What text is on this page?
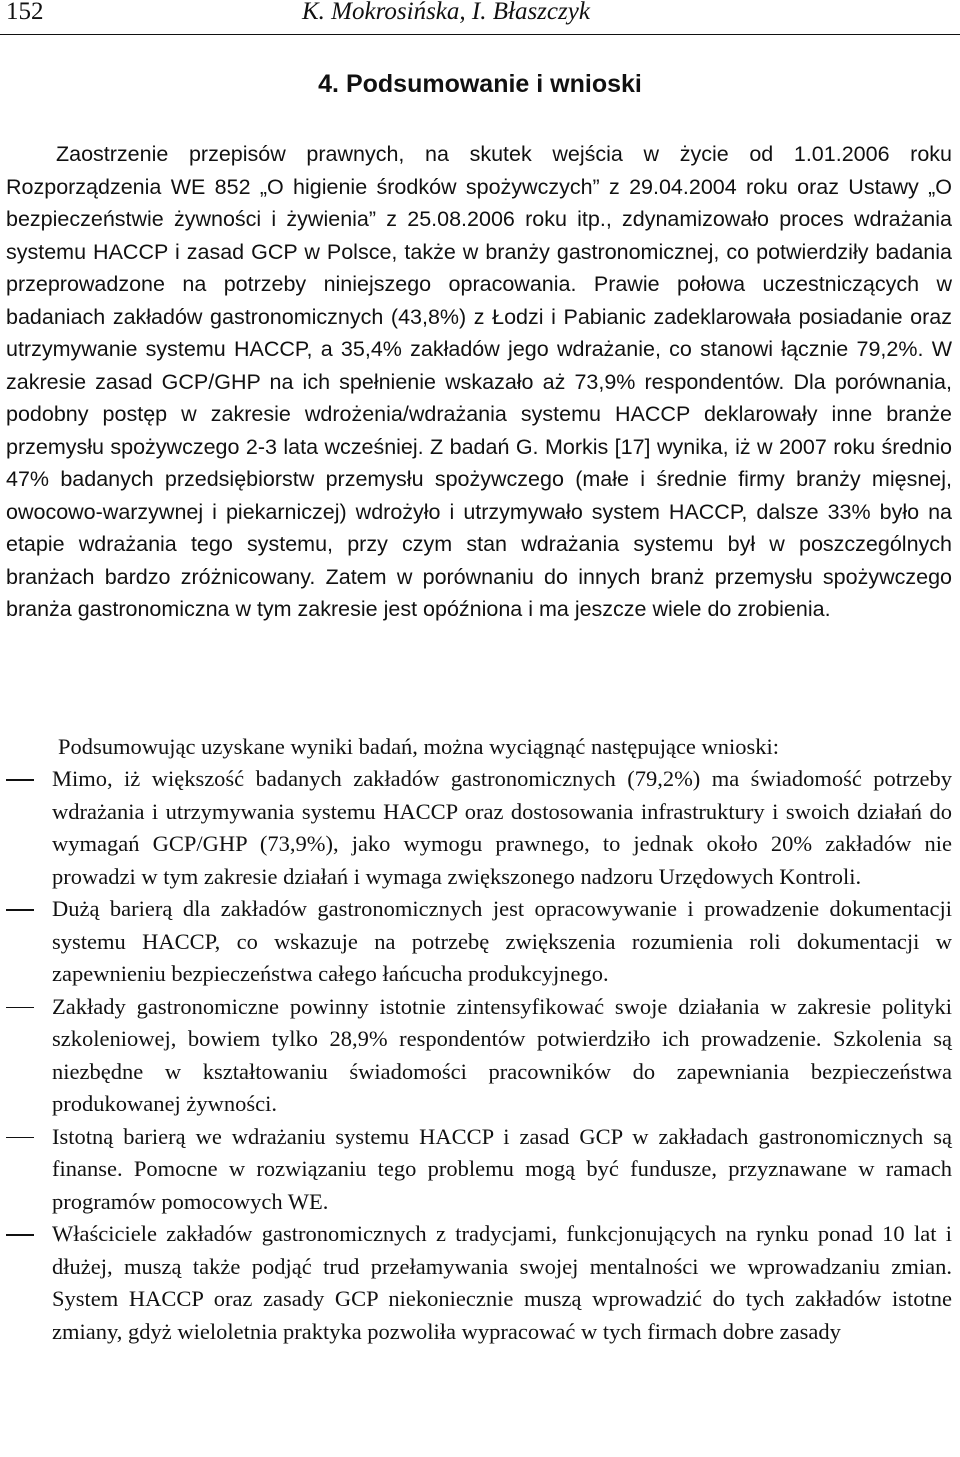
152	K. Mokrosińska, I. Błaszczyk
4. Podsumowanie i wnioski

Zaostrzenie przepisów prawnych, na skutek wejścia w życie od 1.01.2006 roku Rozporządzenia WE 852 „O higienie środków spożywczych” z 29.04.2004 roku oraz Ustawy „O bezpieczeństwie żywności i żywienia” z 25.08.2006 roku itp., zdynamizowało proces wdrażania systemu HACCP i zasad GCP w Polsce, także w branży gastronomicznej, co potwierdziły badania przeprowadzone na potrzeby niniejszego opracowania. Prawie połowa uczestniczących w badaniach zakładów gastronomicznych (43,8%) z Łodzi i Pabianic zadeklarowała posiadanie oraz utrzymywanie systemu HACCP, a 35,4% zakładów jego wdrażanie, co stanowi łącznie 79,2%. W zakresie zasad GCP/GHP na ich spełnienie wskazało aż 73,9% respondentów. Dla porównania, podobny postęp w zakresie wdrożenia/wdrażania systemu HACCP deklarowały inne branże przemysłu spożywczego 2-3 lata wcześniej. Z badań G. Morkis [17] wynika, iż w 2007 roku średnio 47% badanych przedsiębiorstw przemysłu spożywczego (małe i średnie firmy branży mięsnej, owocowo-warzywnej i piekarniczej) wdrożyło i utrzymywało system HACCP, dalsze 33% było na etapie wdrażania tego systemu, przy czym stan wdrażania systemu był w poszczególnych branżach bardzo zróżnicowany. Zatem w porównaniu do innych branż przemysłu spożywczego branża gastronomiczna w tym zakresie jest opóźniona i ma jeszcze wiele do zrobienia.

Podsumowując uzyskane wyniki badań, można wyciągnąć następujące wnioski:

Mimo, iż większość badanych zakładów gastronomicznych (79,2%) ma świadomość potrzeby wdrażania i utrzymywania systemu HACCP oraz dostosowania infrastruktury i swoich działań do wymagań GCP/GHP (73,9%), jako wymogu prawnego, to jednak około 20% zakładów nie prowadzi w tym zakresie działań i wymaga zwiększonego nadzoru Urzędowych Kontroli.
Dużą barierą dla zakładów gastronomicznych jest opracowywanie i prowadzenie dokumentacji systemu HACCP, co wskazuje na potrzebę zwiększenia rozumienia roli dokumentacji w zapewnieniu bezpieczeństwa całego łańcucha produkcyjnego.
Zakłady gastronomiczne powinny istotnie zintensyfikować swoje działania w zakresie polityki szkoleniowej, bowiem tylko 28,9% respondentów potwierdziło ich prowadzenie. Szkolenia są niezbędne w kształtowaniu świadomości pracowników do zapewniania bezpieczeństwa produkowanej żywności.
Istotną barierą we wdrażaniu systemu HACCP i zasad GCP w zakładach gastronomicznych są finanse. Pomocne w rozwiązaniu tego problemu mogą być fundusze, przyznawane w ramach programów pomocowych WE.
Właściciele zakładów gastronomicznych z tradycjami, funkcjonujących na rynku ponad 10 lat i dłużej, muszą także podjąć trud przełamywania swojej mentalności we wprowadzaniu zmian. System HACCP oraz zasady GCP niekoniecznie muszą wprowadzić do tych zakładów istotne zmiany, gdyż wieloletnia praktyka pozwoliła wypracować w tych firmach dobre zasady
